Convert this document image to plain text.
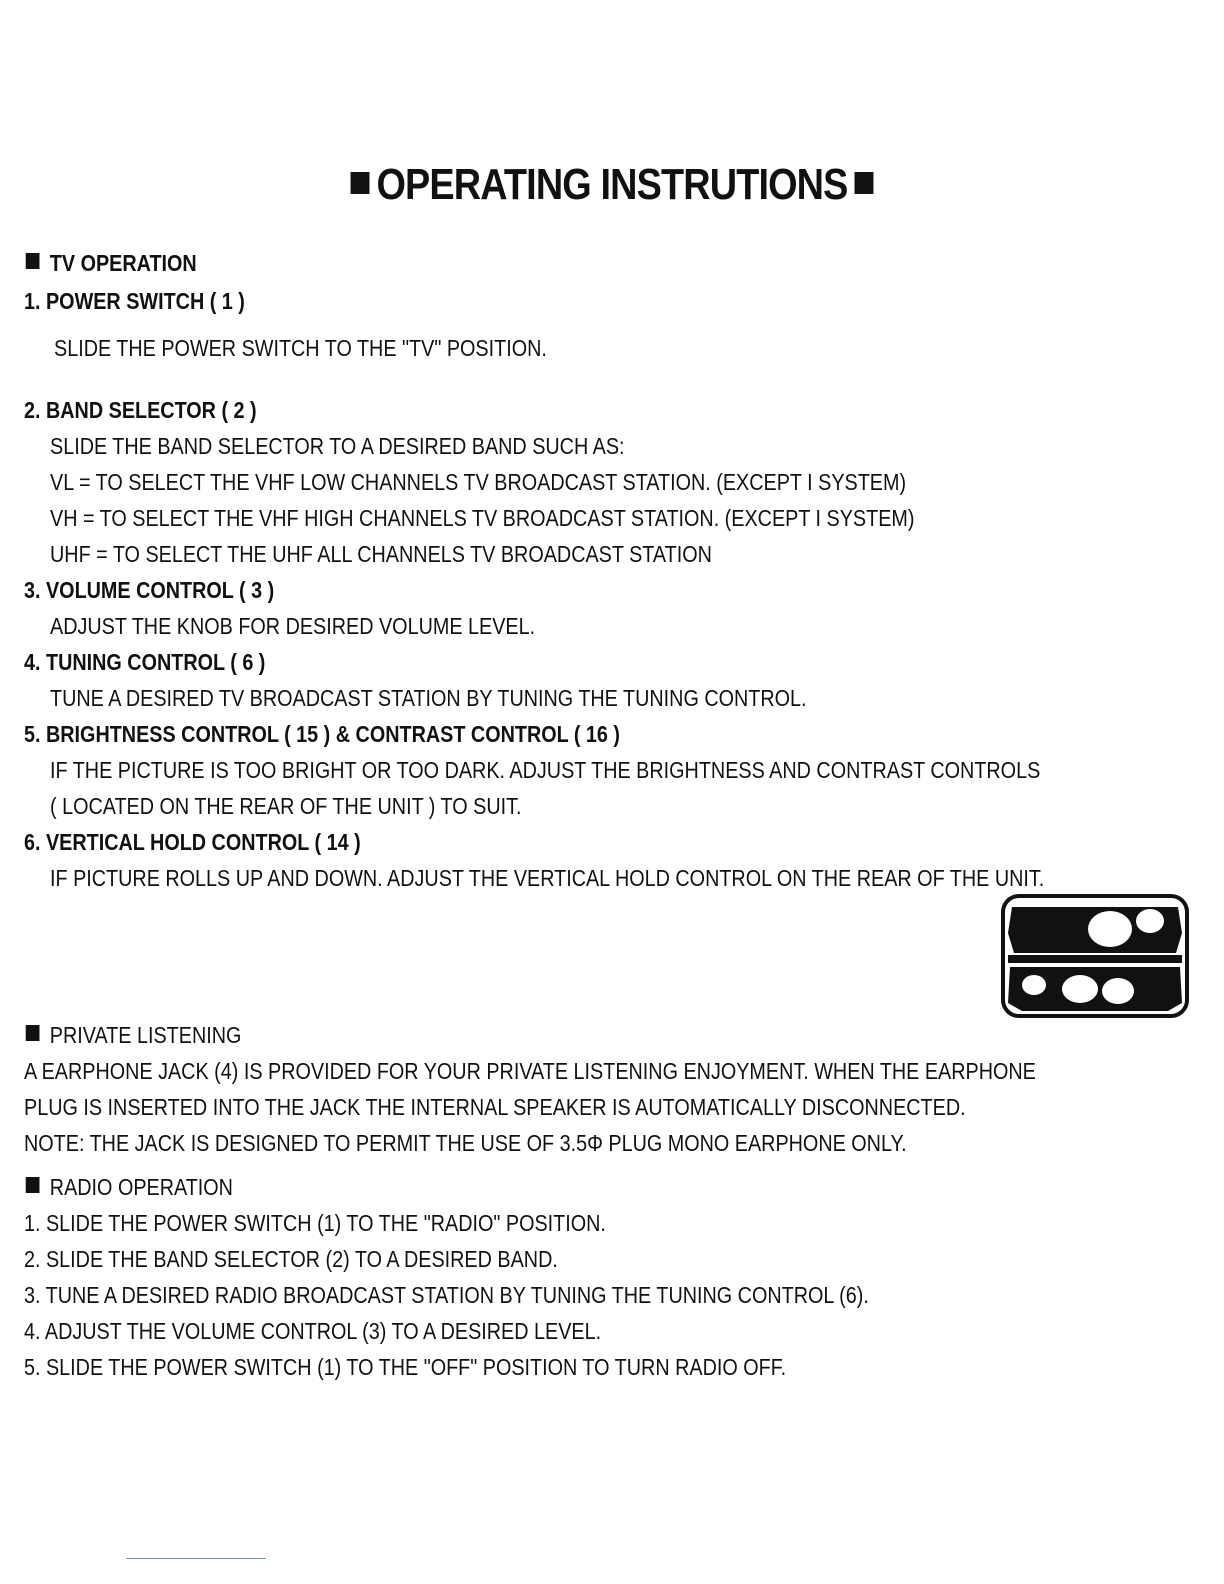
OPERATING INSTRUTIONS
TV OPERATION
1. POWER SWITCH ( 1 )
SLIDE THE POWER SWITCH TO THE "TV" POSITION.
2. BAND SELECTOR ( 2 )
SLIDE THE BAND SELECTOR TO A DESIRED BAND SUCH AS:
VL = TO SELECT THE VHF LOW CHANNELS TV BROADCAST STATION. (EXCEPT I SYSTEM)
VH = TO SELECT THE VHF HIGH CHANNELS TV BROADCAST STATION. (EXCEPT I SYSTEM)
UHF = TO SELECT THE UHF ALL CHANNELS TV BROADCAST STATION
3. VOLUME CONTROL ( 3 )
ADJUST THE KNOB FOR DESIRED VOLUME LEVEL.
4. TUNING CONTROL ( 6 )
TUNE A DESIRED TV BROADCAST STATION BY TUNING THE TUNING CONTROL.
5. BRIGHTNESS CONTROL ( 15 ) & CONTRAST CONTROL ( 16 )
IF THE PICTURE IS TOO BRIGHT OR TOO DARK. ADJUST THE BRIGHTNESS AND CONTRAST CONTROLS
( LOCATED ON THE REAR OF THE UNIT ) TO SUIT.
6. VERTICAL HOLD CONTROL ( 14 )
IF PICTURE ROLLS UP AND DOWN. ADJUST THE VERTICAL HOLD CONTROL ON THE REAR OF THE UNIT.
PRIVATE LISTENING
A EARPHONE JACK (4) IS PROVIDED FOR YOUR PRIVATE LISTENING ENJOYMENT. WHEN THE EARPHONE
PLUG IS INSERTED INTO THE JACK THE INTERNAL SPEAKER IS AUTOMATICALLY DISCONNECTED.
NOTE: THE JACK IS DESIGNED TO PERMIT THE USE OF 3.5Φ PLUG MONO EARPHONE ONLY.
RADIO OPERATION
1. SLIDE THE POWER SWITCH (1) TO THE "RADIO" POSITION.
2. SLIDE THE BAND SELECTOR (2) TO A DESIRED BAND.
3. TUNE A DESIRED RADIO BROADCAST STATION BY TUNING THE TUNING CONTROL (6).
4. ADJUST THE VOLUME CONTROL (3) TO A DESIRED LEVEL.
5. SLIDE THE POWER SWITCH (1) TO THE "OFF" POSITION TO TURN RADIO OFF.
